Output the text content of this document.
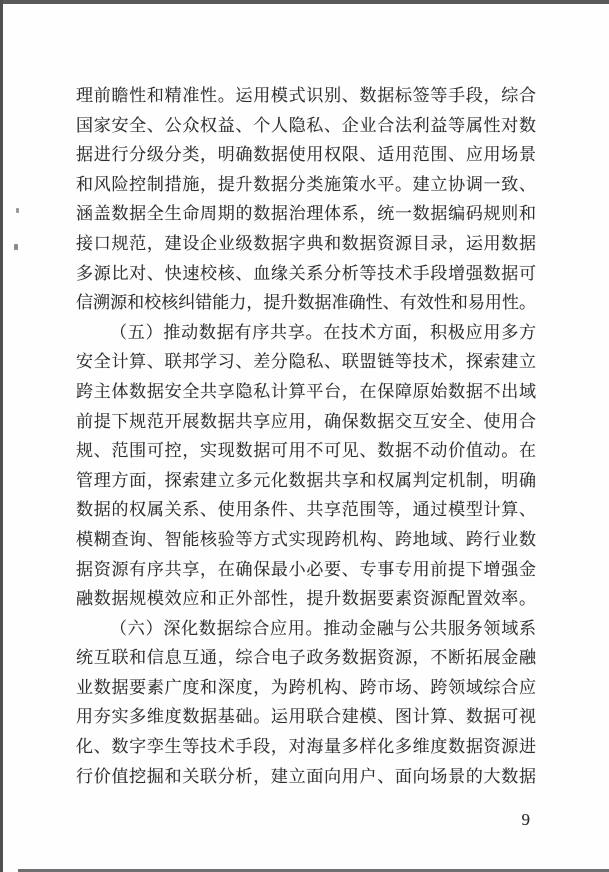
理前瞻性和精准性。运用模式识别、数据标签等手段，综合
国家安全、公众权益、个人隐私、企业合法利益等属性对数
据进行分级分类，明确数据使用权限、适用范围、应用场景
和风险控制措施，提升数据分类施策水平。建立协调一致、
涵盖数据全生命周期的数据治理体系，统一数据编码规则和
接口规范，建设企业级数据字典和数据资源目录，运用数据
多源比对、快速校核、血缘关系分析等技术手段增强数据可
信溯源和校核纠错能力，提升数据准确性、有效性和易用性。
（五）推动数据有序共享。在技术方面，积极应用多方
安全计算、联邦学习、差分隐私、联盟链等技术，探索建立
跨主体数据安全共享隐私计算平台，在保障原始数据不出域
前提下规范开展数据共享应用，确保数据交互安全、使用合
规、范围可控，实现数据可用不可见、数据不动价值动。在
管理方面，探索建立多元化数据共享和权属判定机制，明确
数据的权属关系、使用条件、共享范围等，通过模型计算、
模糊查询、智能核验等方式实现跨机构、跨地域、跨行业数
据资源有序共享，在确保最小必要、专事专用前提下增强金
融数据规模效应和正外部性，提升数据要素资源配置效率。
（六）深化数据综合应用。推动金融与公共服务领域系
统互联和信息互通，综合电子政务数据资源，不断拓展金融
业数据要素广度和深度，为跨机构、跨市场、跨领域综合应
用夯实多维度数据基础。运用联合建模、图计算、数据可视
化、数字孪生等技术手段，对海量多样化多维度数据资源进
行价值挖掘和关联分析，建立面向用户、面向场景的大数据
9
